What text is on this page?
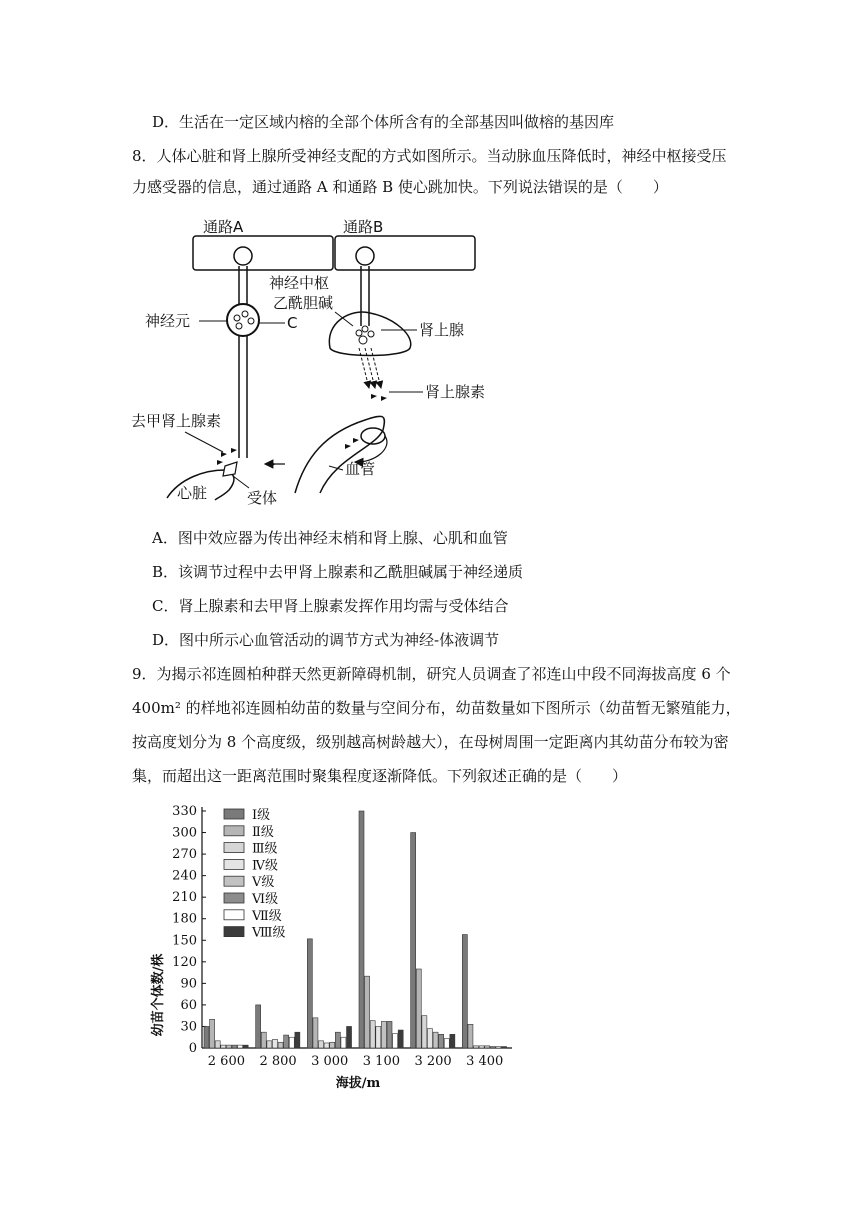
D．生活在一定区域内榕的全部个体所含有的全部基因叫做榕的基因库
8．人体心脏和肾上腺所受神经支配的方式如图所示。当动脉血压降低时，神经中枢接受压
力感受器的信息，通过通路 A 和通路 B 使心跳加快。下列说法错误的是（　　）
通路A	通路B
神经中枢
乙酰胆碱
神经元	C	肾上腺
肾上腺素
血管
去甲肾上腺素
心脏	受体
A．图中效应器为传出神经末梢和肾上腺、心肌和血管
B．该调节过程中去甲肾上腺素和乙酰胆碱属于神经递质
C．肾上腺素和去甲肾上腺素发挥作用均需与受体结合
D．图中所示心血管活动的调节方式为神经-体液调节
9．为揭示祁连圆柏种群天然更新障碍机制，研究人员调查了祁连山中段不同海拔高度 6 个
400m² 的样地祁连圆柏幼苗的数量与空间分布，幼苗数量如下图所示（幼苗暂无繁殖能力，
按高度划分为 8 个高度级，级别越高树龄越大），在母树周围一定距离内其幼苗分布较为密
集，而超出这一距离范围时聚集程度逐渐降低。下列叙述正确的是（　　）
0
30
60
90
120
150
180
210
240
270
300
330
2 600 2 800 3 000 3 100 3 200 3 400
Ⅰ级
Ⅱ级
Ⅲ级
Ⅳ级
Ⅴ级
Ⅵ级
Ⅶ级
Ⅷ级
幼苗个体数/株
海拔/m
